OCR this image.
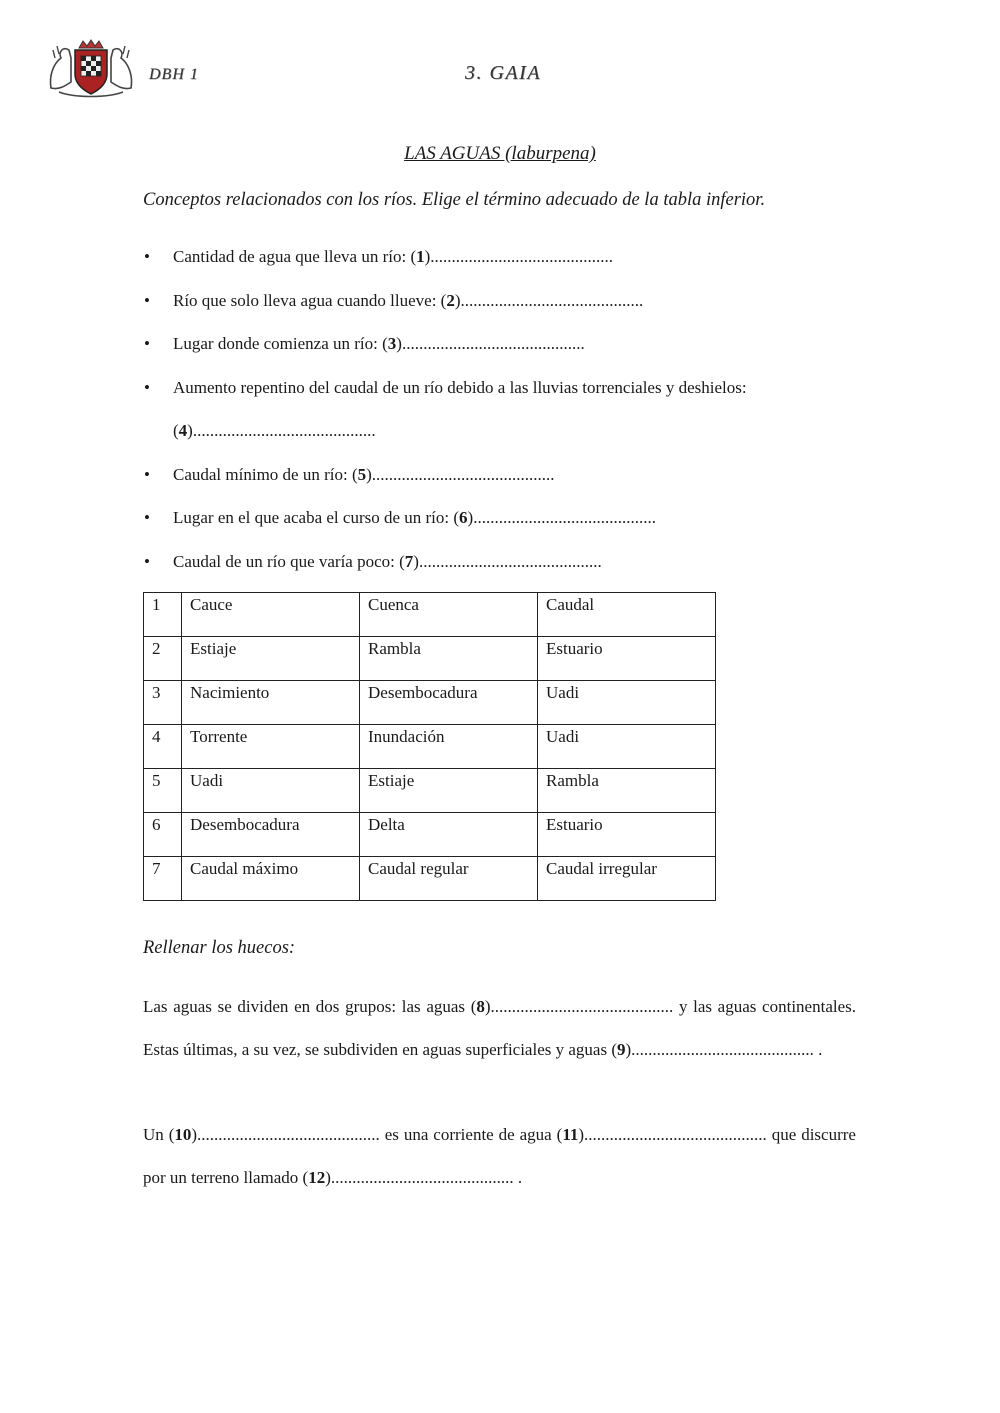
DBH 1	3. GAIA
LAS AGUAS (laburpena)
Conceptos relacionados con los ríos. Elige el término adecuado de la tabla inferior.
• Cantidad de agua que lleva un río: (1)...........................................
• Río que solo lleva agua cuando llueve: (2)...........................................
• Lugar donde comienza un río: (3)...........................................
• Aumento repentino del caudal de un río debido a las lluvias torrenciales y deshielos:
(4)...........................................
• Caudal mínimo de un río: (5)...........................................
• Lugar en el que acaba el curso de un río: (6)...........................................
• Caudal de un río que varía poco: (7)...........................................
1	Cauce	Cuenca	Caudal
2	Estiaje	Rambla	Estuario
3	Nacimiento	Desembocadura	Uadi
4	Torrente	Inundación	Uadi
5	Uadi	Estiaje	Rambla
6	Desembocadura	Delta	Estuario
7	Caudal máximo	Caudal regular	Caudal irregular
Rellenar los huecos:
Las aguas se dividen en dos grupos: las aguas (8)........................................... y las aguas continentales. Estas últimas, a su vez, se subdividen en aguas superficiales y aguas (9)........................................... .
Un (10)........................................... es una corriente de agua (11)........................................... que discurre por un terreno llamado (12)........................................... .
